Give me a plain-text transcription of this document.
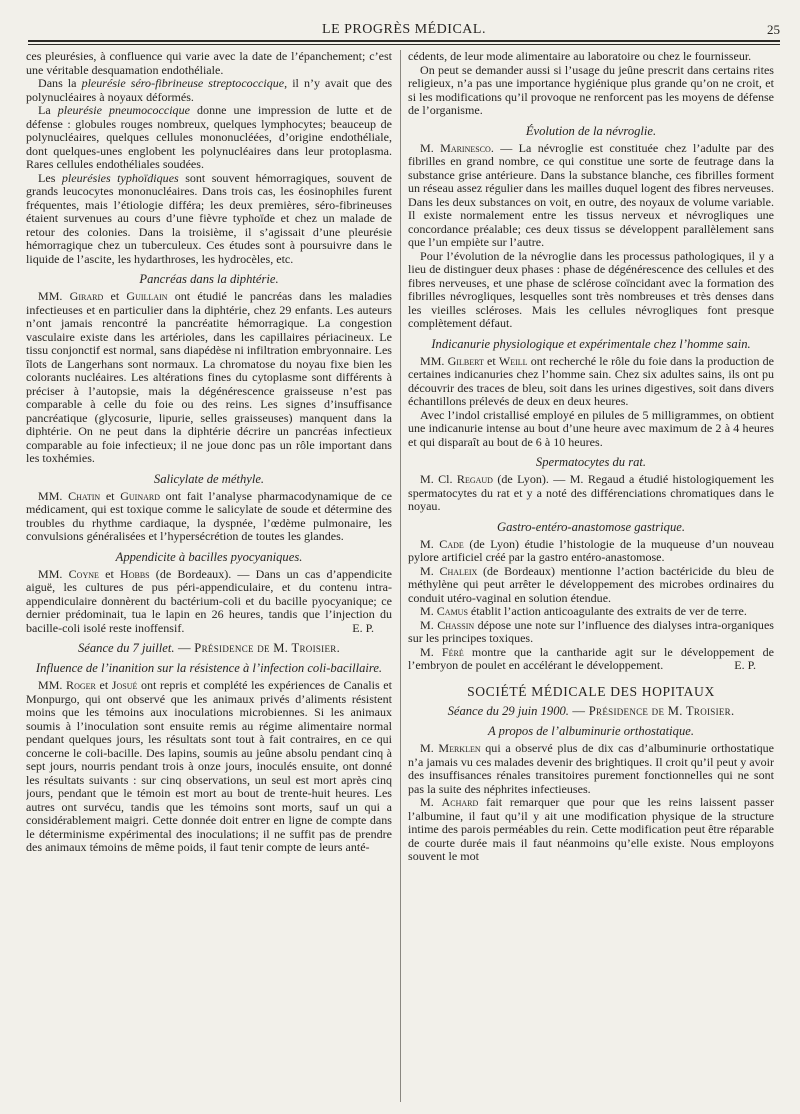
LE PROGRÈS MÉDICAL.	25

ces pleurésies, à confluence qui varie avec la date de l’épanchement; c’est une véritable desquamation endothéliale.

Dans la pleurésie séro-fibrineuse streptococcique, il n’y avait que des polynucléaires à noyaux déformés.

La pleurésie pneumococcique donne une impression de lutte et de défense : globules rouges nombreux, quelques lymphocytes; beauceup de polynucléaires, quelques cellules mononucléées, d’origine endothéliale, dont quelques-unes englobent les polynucléaires dans leur protoplasma. Rares cellules endothéliales soudées.

Les pleurésies typhoïdiques sont souvent hémorragiques, souvent de grands leucocytes mononucléaires. Dans trois cas, les éosinophiles furent fréquentes, mais l’étiologie différa; les deux premières, séro-fibrineuses étaient survenues au cours d’une fièvre typhoïde et chez un malade de retour des colonies. Dans la troisième, il s’agissait d’une pleurésie hémorragique chez un tuberculeux. Ces études sont à poursuivre dans le liquide de l’ascite, les hydarthroses, les hydrocèles, etc.

Pancréas dans la diphtérie.

MM. Girard et Guillain ont étudié le pancréas dans les maladies infectieuses et en particulier dans la diphtérie, chez 29 enfants. Les auteurs n’ont jamais rencontré la pancréatite hémorragique. La congestion vasculaire existe dans les artérioles, dans les capillaires périacineux. Le tissu conjonctif est normal, sans diapédèse ni infiltration embryonnaire. Les îlots de Langerhans sont normaux. La chromatose du noyau fixe bien les colorants nucléaires. Les altérations fines du cytoplasme sont différents à préciser à l’autopsie, mais la dégénérescence graisseuse n’est pas comparable à celle du foie ou des reins. Les signes d’insuffisance pancréatique (glycosurie, lipurie, selles graisseuses) manquent dans la diphtérie. On ne peut dans la diphtérie décrire un pancréas infectieux comparable au foie infectieux; il ne joue donc pas un rôle important dans les toxhémies.

Salicylate de méthyle.

MM. Chatin et Guinard ont fait l’analyse pharmacodynamique de ce médicament, qui est toxique comme le salicylate de soude et détermine des troubles du rhythme cardiaque, la dyspnée, l’œdème pulmonaire, les convulsions généralisées et l’hypersécrétion de toutes les glandes.

Appendicite à bacilles pyocyaniques.

MM. Coyne et Hobbs (de Bordeaux). — Dans un cas d’appendicite aiguë, les cultures de pus péri-appendiculaire, et du contenu intra-appendiculaire donnèrent du bactérium-coli et du bacille pyocyanique; ce dernier prédominait, tua le lapin en 26 heures, tandis que l’injection du bacille-coli isolé reste inoffensif.	E. P.

Séance du 7 juillet. — Présidence de M. Troisier.
Influence de l’inanition sur la résistence à l’infection coli-bacillaire.

MM. Roger et Josué ont repris et complété les expériences de Canalis et Monpurgo, qui ont observé que les animaux privés d’aliments résistent moins que les témoins aux inoculations microbiennes. Si les animaux soumis à l’inoculation sont ensuite remis au régime alimentaire normal pendant quelques jours, les résultats sont tout à fait contraires, en ce qui concerne le coli-bacille. Des lapins, soumis au jeûne absolu pendant cinq à sept jours, nourris pendant trois à onze jours, inoculés ensuite, ont donné les résultats suivants : sur cinq observations, un seul est mort après cinq jours, pendant que le témoin est mort au bout de trente-huit heures. Les autres ont survécu, tandis que les témoins sont morts, sauf un qui a considérablement maigri. Cette donnée doit entrer en ligne de compte dans le déterminisme expérimental des inoculations; il ne suffit pas de prendre des animaux témoins de même poids, il faut tenir compte de leurs anté-

cédents, de leur mode alimentaire au laboratoire ou chez le fournisseur.

On peut se demander aussi si l’usage du jeûne prescrit dans certains rites religieux, n’a pas une importance hygiénique plus grande qu’on ne croit, et si les modifications qu’il provoque ne renforcent pas les moyens de défense de l’organisme.

Évolution de la névroglie.

M. Marinesco. — La névroglie est constituée chez l’adulte par des fibrilles en grand nombre, ce qui constitue une sorte de feutrage dans la substance grise antérieure. Dans la substance blanche, ces fibrilles forment un réseau assez régulier dans les mailles duquel logent des fibres nerveuses. Dans les deux substances on voit, en outre, des noyaux de volume variable. Il existe normalement entre les tissus nerveux et névrogliques une concordance préalable; ces deux tissus se développent parallèlement sans que l’un empiète sur l’autre.

Pour l’évolution de la névroglie dans les processus pathologiques, il y a lieu de distinguer deux phases : phase de dégénérescence des cellules et des fibres nerveuses, et une phase de sclérose coïncidant avec la formation des fibrilles névrogliques, lesquelles sont très nombreuses et très denses dans les vieilles scléroses. Mais les cellules névrogliques font presque complètement défaut.

Indicanurie physiologique et expérimentale chez l’homme sain.

MM. Gilbert et Weill ont recherché le rôle du foie dans la production de certaines indicanuries chez l’homme sain. Chez six adultes sains, ils ont pu découvrir des traces de bleu, soit dans les urines digestives, soit dans divers échantillons prélevés de deux en deux heures.

Avec l’indol cristallisé employé en pilules de 5 milligrammes, on obtient une indicanurie intense au bout d’une heure avec maximum de 2 à 4 heures et qui disparaît au bout de 6 à 10 heures.

Spermatocytes du rat.

M. Cl. Regaud (de Lyon). — M. Regaud a étudié histologiquement les spermatocytes du rat et y a noté des différenciations chromatiques dans le noyau.

Gastro-entéro-anastomose gastrique.

M. Cade (de Lyon) étudie l’histologie de la muqueuse d’un nouveau pylore artificiel créé par la gastro entéro-anastomose.

M. Chaleix (de Bordeaux) mentionne l’action bactéricide du bleu de méthylène qui peut arrêter le développement des microbes ordinaires du conduit utéro-vaginal en solution étendue.

M. Camus établit l’action anticoagulante des extraits de ver de terre.

M. Chassin dépose une note sur l’influence des dialyses intra-organiques sur les principes toxiques.

M. Féré montre que la cantharide agit sur le développement de l’embryon de poulet en accélérant le développement.	E. P.

SOCIÉTÉ MÉDICALE DES HOPITAUX
Séance du 29 juin 1900. — Présidence de M. Troisier.
A propos de l’albuminurie orthostatique.

M. Merklen qui a observé plus de dix cas d’albuminurie orthostatique n’a jamais vu ces malades devenir des brightiques. Il croit qu’il peut y avoir des insuffisances rénales transitoires purement fonctionnelles qui ne sont pas la suite des néphrites infectieuses.

M. Achard fait remarquer que pour que les reins laissent passer l’albumine, il faut qu’il y ait une modification physique de la structure intime des parois perméables du rein. Cette modification peut être réparable de courte durée mais il faut néanmoins qu’elle existe. Nous employons souvent le mot
